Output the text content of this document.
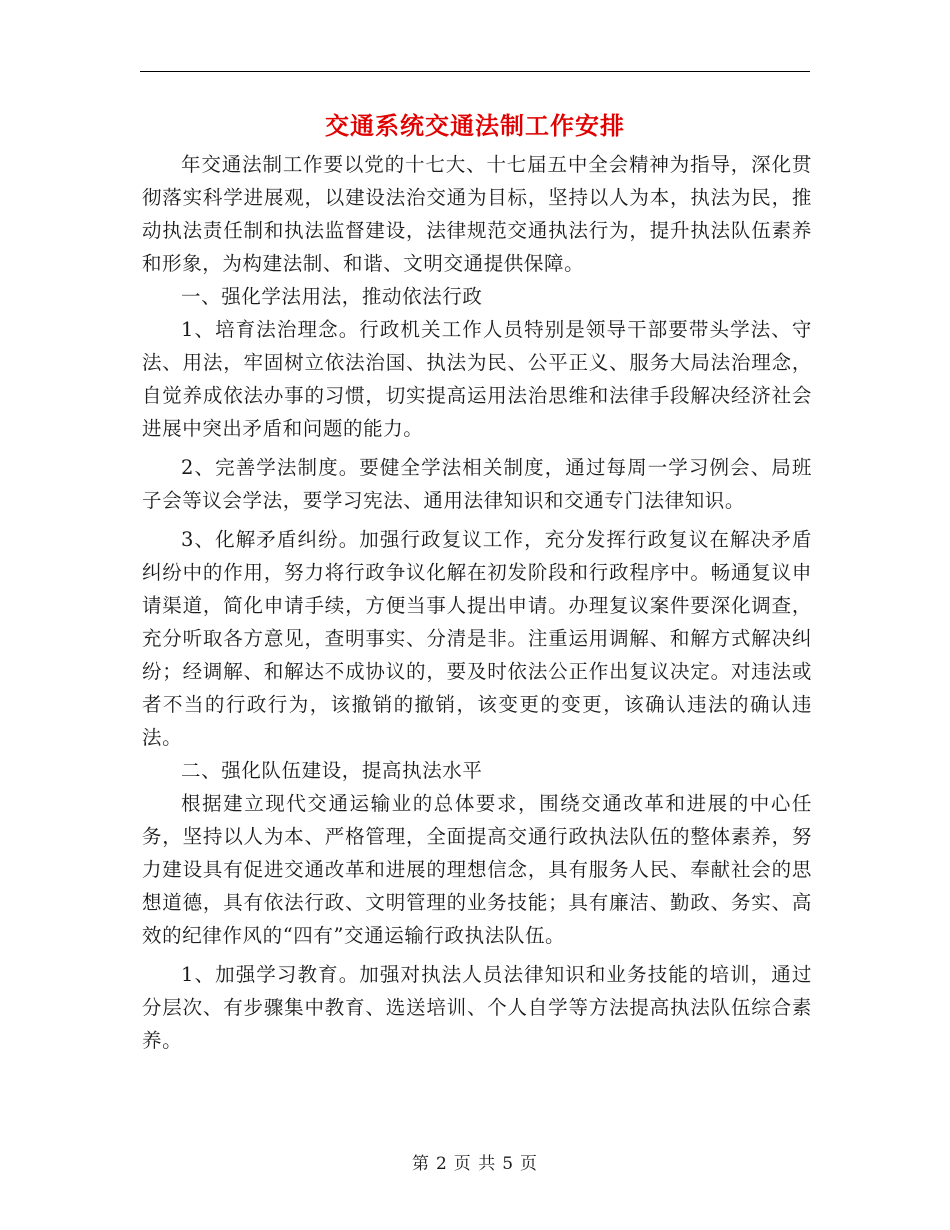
交通系统交通法制工作安排

年交通法制工作要以党的十七大、十七届五中全会精神为指导，深化贯彻落实科学进展观，以建设法治交通为目标，坚持以人为本，执法为民，推动执法责任制和执法监督建设，法律规范交通执法行为，提升执法队伍素养和形象，为构建法制、和谐、文明交通提供保障。

一、强化学法用法，推动依法行政

1、培育法治理念。行政机关工作人员特别是领导干部要带头学法、守法、用法，牢固树立依法治国、执法为民、公平正义、服务大局法治理念，自觉养成依法办事的习惯，切实提高运用法治思维和法律手段解决经济社会进展中突出矛盾和问题的能力。

2、完善学法制度。要健全学法相关制度，通过每周一学习例会、局班子会等议会学法，要学习宪法、通用法律知识和交通专门法律知识。

3、化解矛盾纠纷。加强行政复议工作，充分发挥行政复议在解决矛盾纠纷中的作用，努力将行政争议化解在初发阶段和行政程序中。畅通复议申请渠道，简化申请手续，方便当事人提出申请。办理复议案件要深化调查，充分听取各方意见，查明事实、分清是非。注重运用调解、和解方式解决纠纷；经调解、和解达不成协议的，要及时依法公正作出复议决定。对违法或者不当的行政行为，该撤销的撤销，该变更的变更，该确认违法的确认违法。

二、强化队伍建设，提高执法水平

根据建立现代交通运输业的总体要求，围绕交通改革和进展的中心任务，坚持以人为本、严格管理，全面提高交通行政执法队伍的整体素养，努力建设具有促进交通改革和进展的理想信念，具有服务人民、奉献社会的思想道德，具有依法行政、文明管理的业务技能；具有廉洁、勤政、务实、高效的纪律作风的“四有”交通运输行政执法队伍。

1、加强学习教育。加强对执法人员法律知识和业务技能的培训，通过分层次、有步骤集中教育、选送培训、个人自学等方法提高执法队伍综合素养。

第 2 页 共 5 页
